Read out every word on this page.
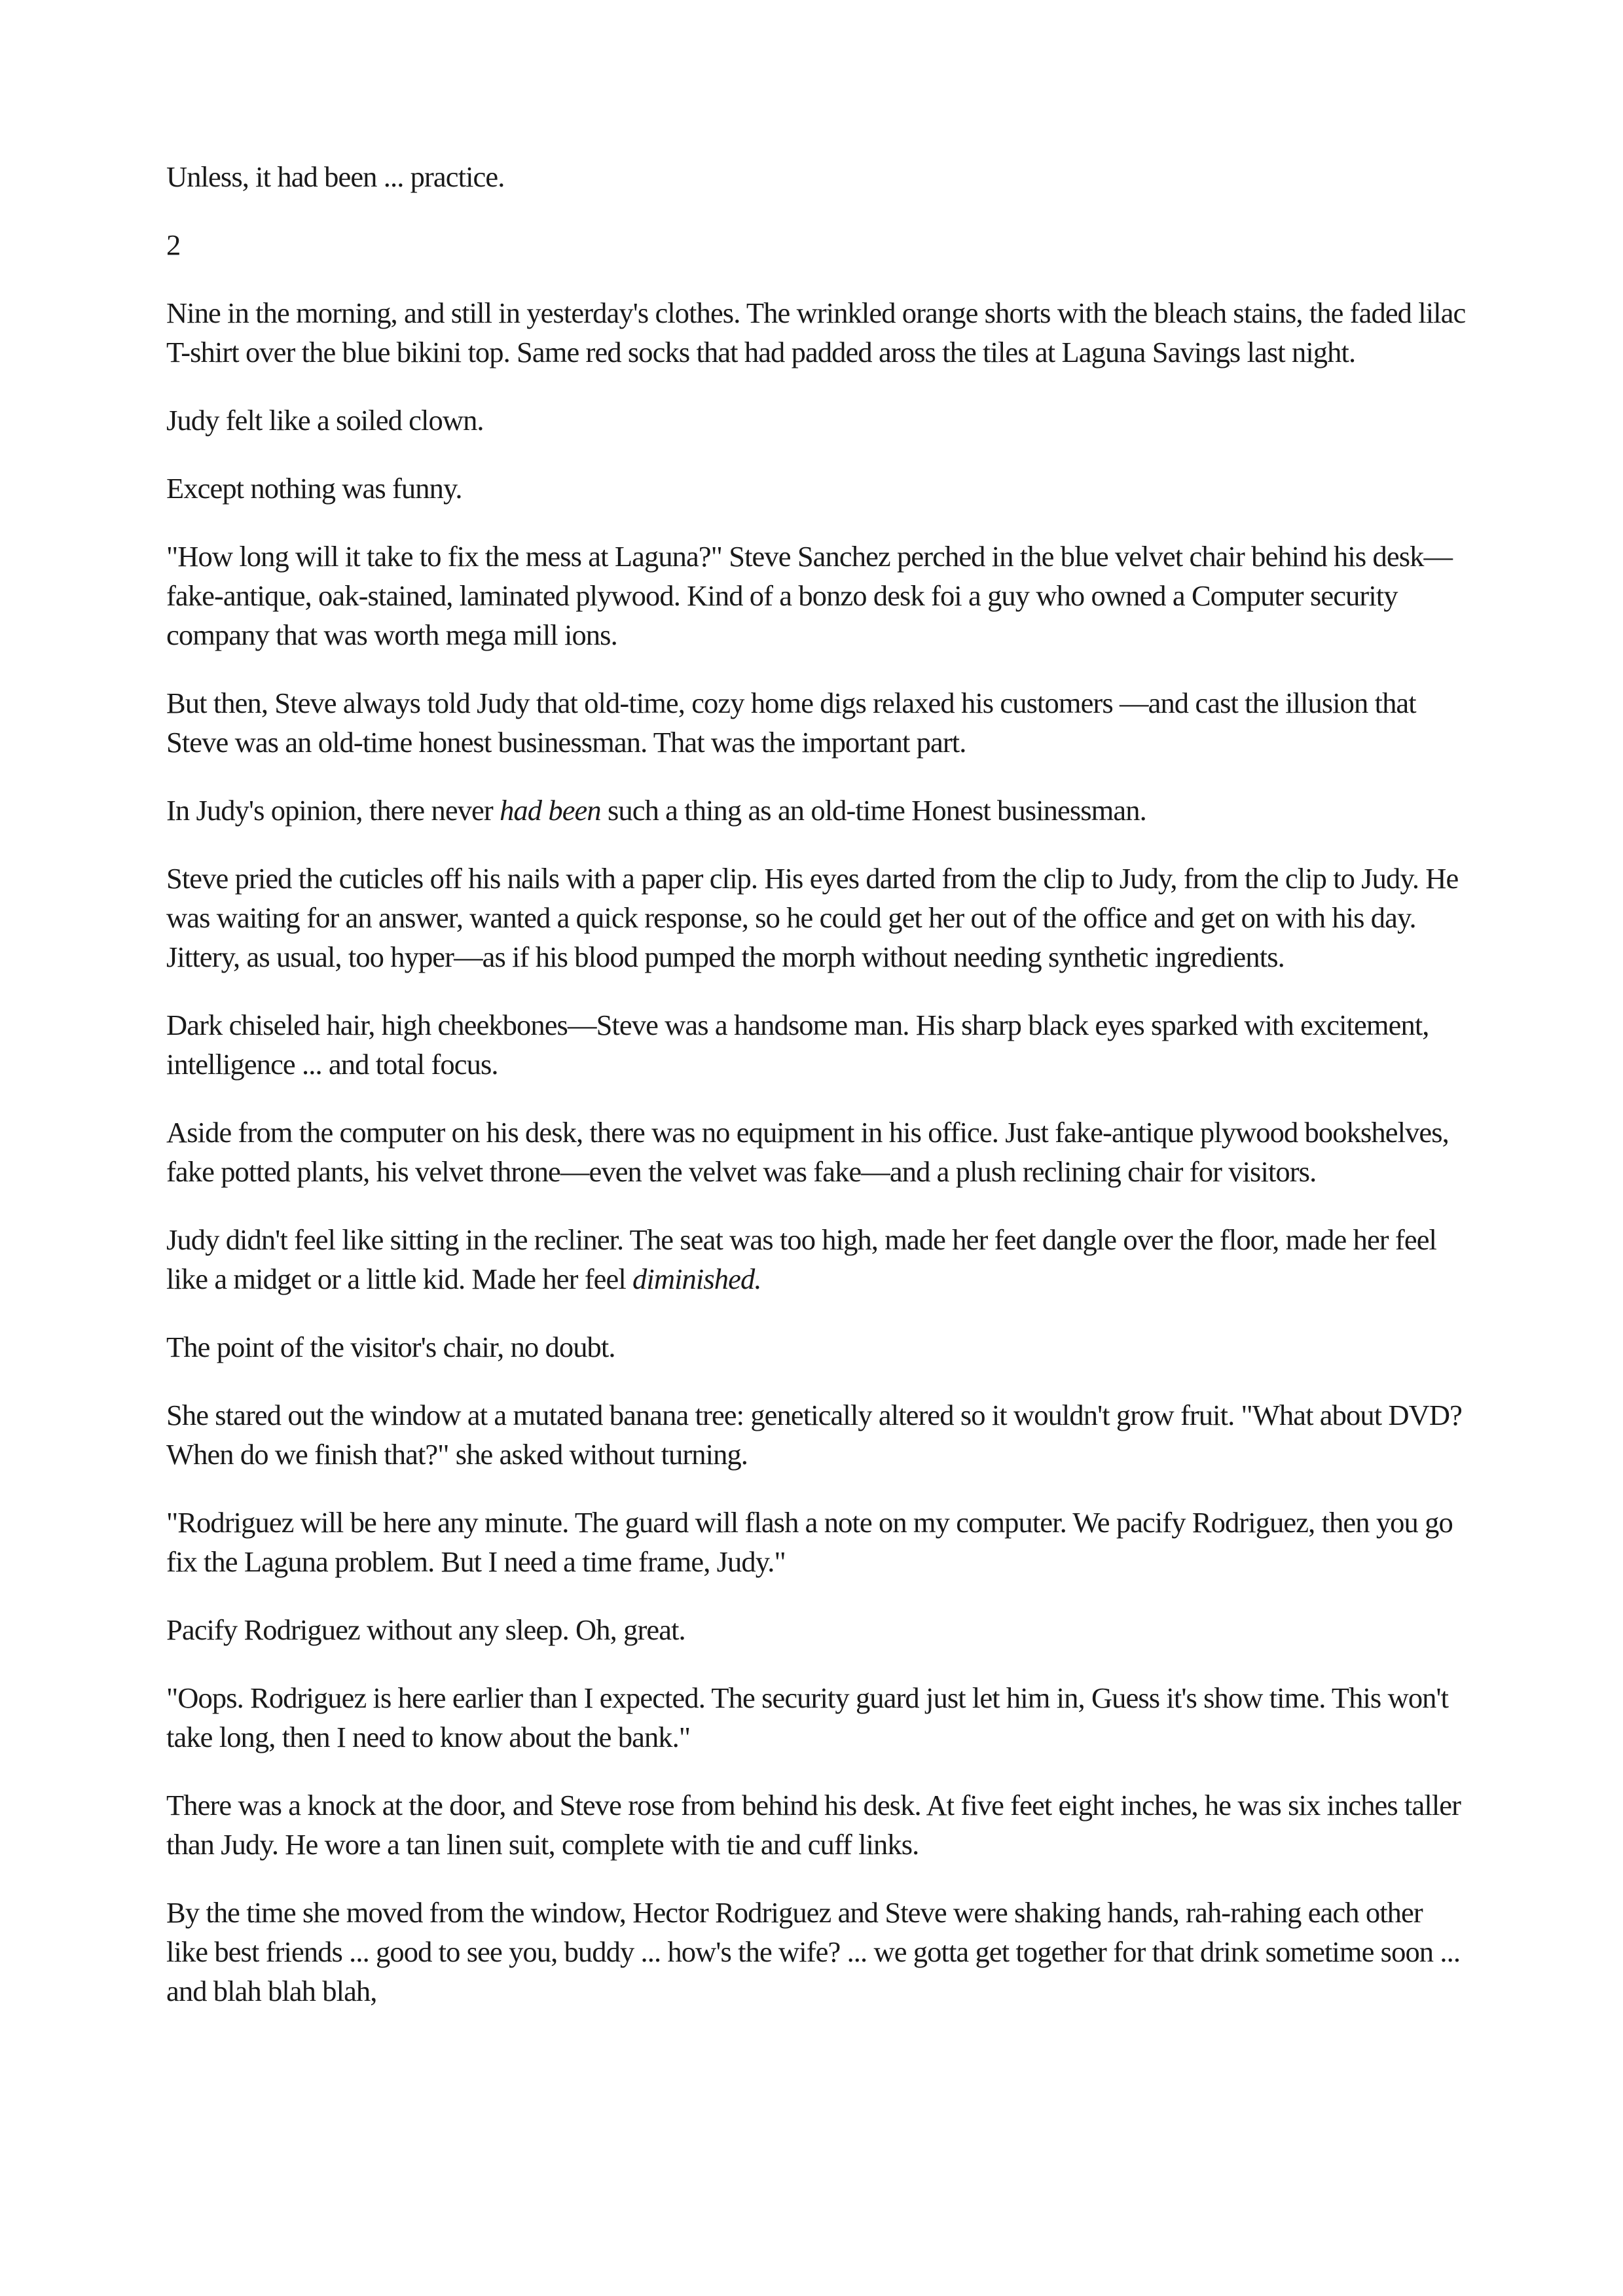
Unless, it had been ... practice.

2

Nine in the morning, and still in yesterday's clothes. The wrinkled orange shorts with the bleach stains, the faded lilac T-shirt over the blue bikini top. Same red socks that had padded aross the tiles at Laguna Savings last night.

Judy felt like a soiled clown.

Except nothing was funny.

"How long will it take to fix the mess at Laguna?" Steve Sanchez perched in the blue velvet chair behind his desk—fake-antique, oak-stained, laminated plywood. Kind of a bonzo desk foi a guy who owned a Computer security company that was worth mega mill ions.

But then, Steve always told Judy that old-time, cozy home digs relaxed his customers —and cast the illusion that Steve was an old-time honest businessman. That was the important part.

In Judy's opinion, there never had been such a thing as an old-time Honest businessman.

Steve pried the cuticles off his nails with a paper clip. His eyes darted from the clip to Judy, from the clip to Judy. He was waiting for an answer, wanted a quick response, so he could get her out of the office and get on with his day. Jittery, as usual, too hyper—as if his blood pumped the morph without needing synthetic ingredients.

Dark chiseled hair, high cheekbones—Steve was a handsome man. His sharp black eyes sparked with excitement, intelligence ... and total focus.

Aside from the computer on his desk, there was no equipment in his office. Just fake-antique plywood bookshelves, fake potted plants, his velvet throne—even the velvet was fake—and a plush reclining chair for visitors.

Judy didn't feel like sitting in the recliner. The seat was too high, made her feet dangle over the floor, made her feel like a midget or a little kid. Made her feel diminished.

The point of the visitor's chair, no doubt.

She stared out the window at a mutated banana tree: genetically altered so it wouldn't grow fruit. "What about DVD? When do we finish that?" she asked without turning.

"Rodriguez will be here any minute. The guard will flash a note on my computer. We pacify Rodriguez, then you go fix the Laguna problem. But I need a time frame, Judy."

Pacify Rodriguez without any sleep. Oh, great.

"Oops. Rodriguez is here earlier than I expected. The security guard just let him in, Guess it's show time. This won't take long, then I need to know about the bank."

There was a knock at the door, and Steve rose from behind his desk. At five feet eight inches, he was six inches taller than Judy. He wore a tan linen suit, complete with tie and cuff links.

By the time she moved from the window, Hector Rodriguez and Steve were shaking hands, rah-rahing each other like best friends ... good to see you, buddy ... how's the wife? ... we gotta get together for that drink sometime soon ... and blah blah blah,
